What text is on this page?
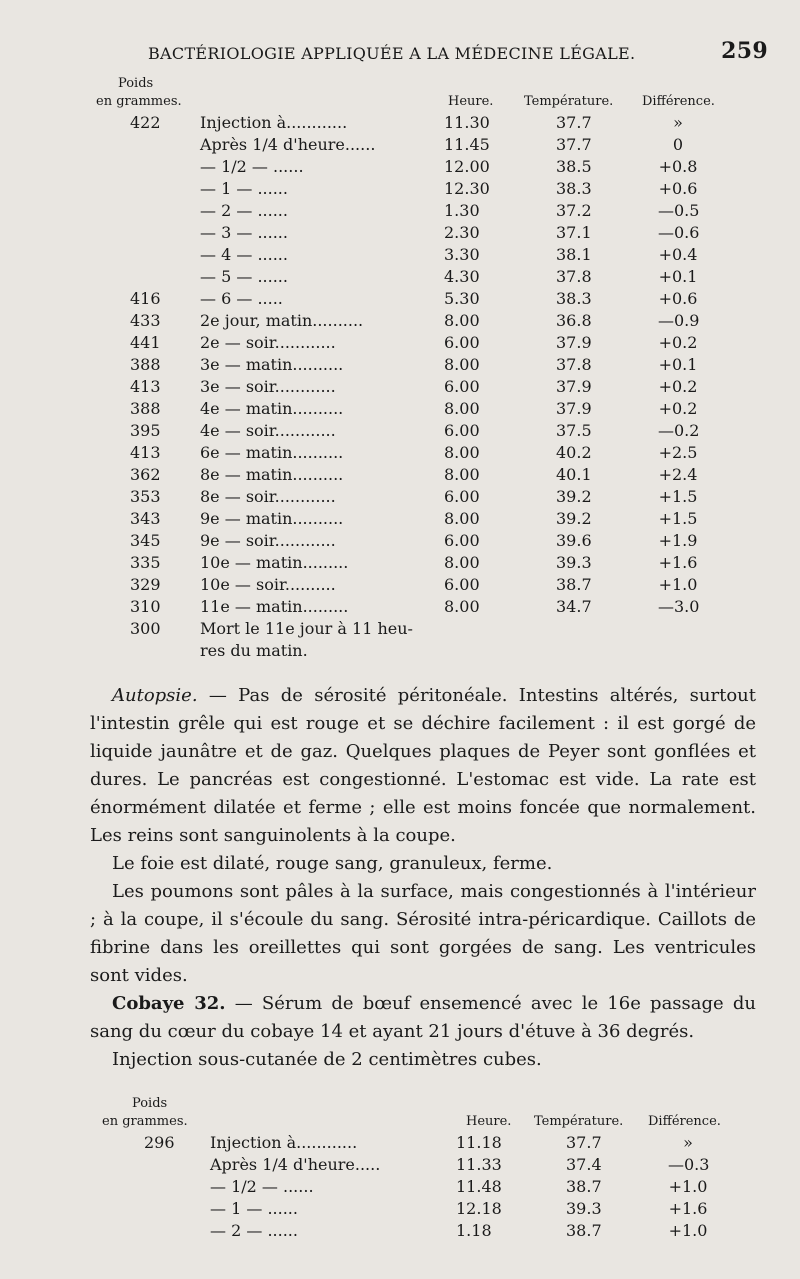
BACTÉRIOLOGIE APPLIQUÉE A LA MÉDECINE LÉGALE.	259
Poids
en grammes.	Heure. Température. Différence.
422 Injection à............	11.30	37.7	»
Après 1/4 d'heure......	11.45	37.7	0
— 1/2 — ......	12.00	38.5	+0.8
— 1 — ......	12.30	38.3	+0.6
— 2 — ......	1.30	37.2	—0.5
— 3 — ......	2.30	37.1	—0.6
— 4 — ......	3.30	38.1	+0.4
— 5 — ......	4.30	37.8	+0.1
416 — 6 — .....	5.30	38.3	+0.6
433 2e jour, matin..........	8.00	36.8	—0.9
441 2e — soir............	6.00	37.9	+0.2
388 3e — matin..........	8.00	37.8	+0.1
413 3e — soir............	6.00	37.9	+0.2
388 4e — matin..........	8.00	37.9	+0.2
395 4e — soir............	6.00	37.5	—0.2
413 6e — matin..........	8.00	40.2	+2.5
362 8e — matin..........	8.00	40.1	+2.4
353 8e — soir............	6.00	39.2	+1.5
343 9e — matin..........	8.00	39.2	+1.5
345 9e — soir............	6.00	39.6	+1.9
335 10e — matin.........	8.00	39.3	+1.6
329 10e — soir..........	6.00	38.7	+1.0
310 11e — matin.........	8.00	34.7	—3.0
300 Mort le 11e jour à 11 heu-
res du matin.

Autopsie. — Pas de sérosité péritonéale. Intestins altérés, surtout l'intestin grêle qui est rouge et se déchire facilement : il est gorgé de liquide jaunâtre et de gaz. Quelques plaques de Peyer sont gonflées et dures. Le pancréas est congestionné. L'estomac est vide. La rate est énormément dilatée et ferme ; elle est moins foncée que normalement. Les reins sont sanguinolents à la coupe.

Le foie est dilaté, rouge sang, granuleux, ferme.

Les poumons sont pâles à la surface, mais congestionnés à l'intérieur ; à la coupe, il s'écoule du sang. Sérosité intra-péricardique. Caillots de fibrine dans les oreillettes qui sont gorgées de sang. Les ventricules sont vides.

Cobaye 32. — Sérum de bœuf ensemencé avec le 16e passage du sang du cœur du cobaye 14 et ayant 21 jours d'étuve à 36 degrés.

Injection sous-cutanée de 2 centimètres cubes.

Poids
en grammes.	Heure. Température. Différence.
296 Injection à............	11.18	37.7	»
Après 1/4 d'heure.....	11.33	37.4	—0.3
— 1/2 — ......	11.48	38.7	+1.0
— 1 — ......	12.18	39.3	+1.6
— 2 — ......	1.18	38.7	+1.0
